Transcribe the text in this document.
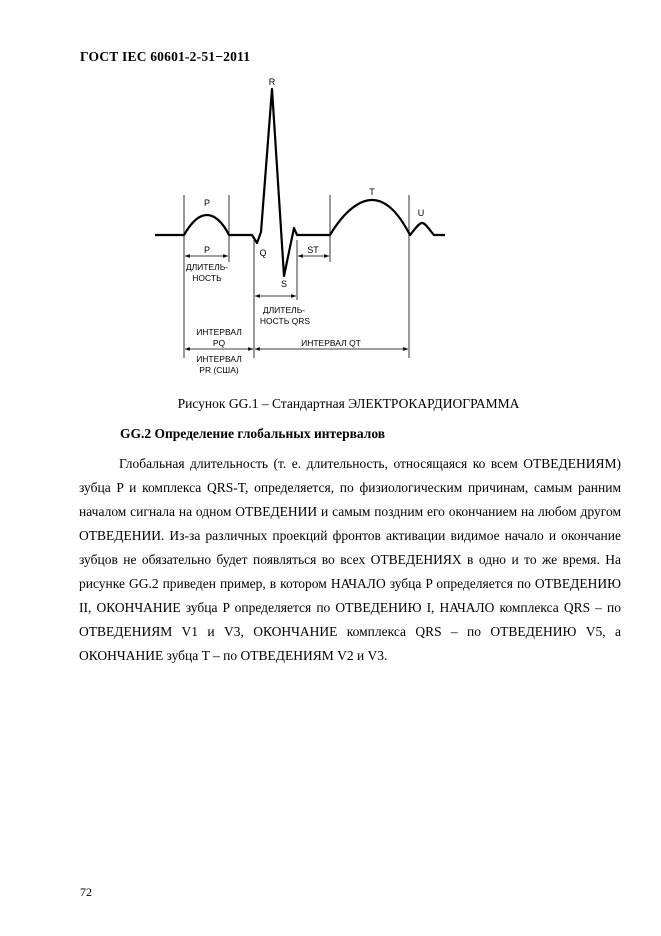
ГОСТ IEC 60601-2-51−2011
R
P
Q
S
T
U
P	ST
ДЛИТЕЛЬ-
НОСТЬ
ДЛИТЕЛЬ-
НОСТЬ QRS
ИНТЕРВАЛ
PQ
ИНТЕРВАЛ
PR (США)
ИНТЕРВАЛ QT
Рисунок GG.1 – Стандартная ЭЛЕКТРОКАРДИОГРАММА
GG.2 Определение глобальных интервалов

Глобальная длительность (т. е. длительность, относящаяся ко всем ОТВЕДЕНИЯМ) зубца P и комплекса QRS-T, определяется, по физиологическим причинам, самым ранним началом сигнала на одном ОТВЕДЕНИИ и самым поздним его окончанием на любом другом ОТВЕДЕНИИ. Из-за различных проекций фронтов активации видимое начало и окончание зубцов не обязательно будет появляться во всех ОТВЕДЕНИЯХ в одно и то же время. На рисунке GG.2 приведен пример, в котором НАЧАЛО зубца P определяется по ОТВЕДЕНИЮ II, ОКОНЧАНИЕ зубца P определяется по ОТВЕДЕНИЮ I, НАЧАЛО комплекса QRS – по ОТВЕДЕНИЯМ V1 и V3, ОКОНЧАНИЕ комплекса QRS – по ОТВЕДЕНИЮ V5, а ОКОНЧАНИЕ зубца T – по ОТВЕДЕНИЯМ V2 и V3.

72
